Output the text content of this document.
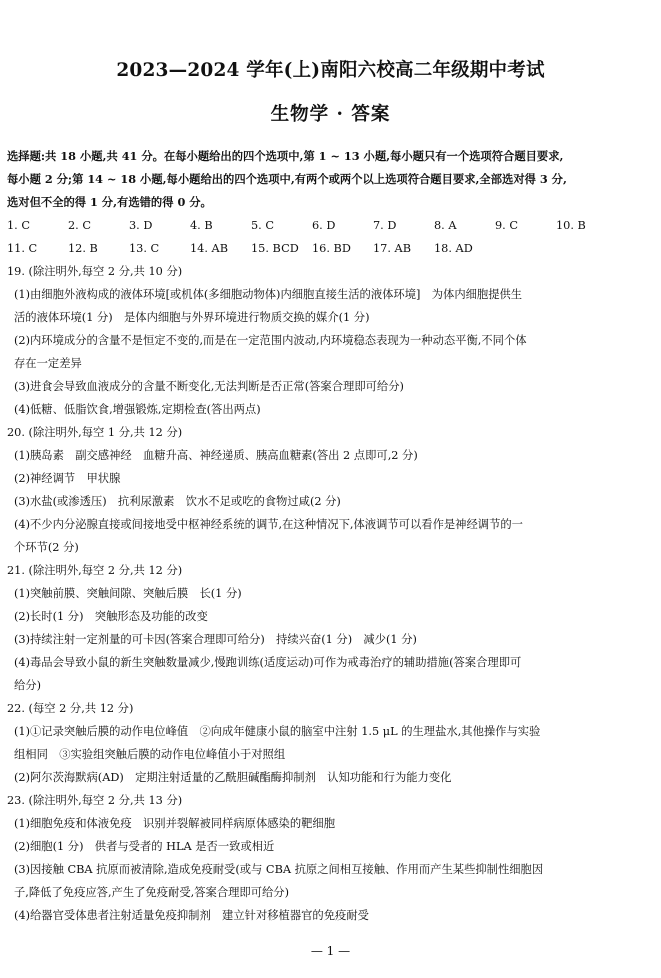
2023—2024 学年(上)南阳六校高二年级期中考试
生物学 · 答案
选择题:共 18 小题,共 41 分。在每小题给出的四个选项中,第 1 ~ 13 小题,每小题只有一个选项符合题目要求,
每小题 2 分;第 14 ~ 18 小题,每小题给出的四个选项中,有两个或两个以上选项符合题目要求,全部选对得 3 分,
选对但不全的得 1 分,有选错的得 0 分。
1. C	2. C	3. D	4. B	5. C	6. D	7. D	8. A	9. C	10. B
11. C	12. B	13. C	14. AB	15. BCD	16. BD	17. AB	18. AD
19. (除注明外,每空 2 分,共 10 分)
(1)由细胞外液构成的液体环境[或机体(多细胞动物体)内细胞直接生活的液体环境]　为体内细胞提供生
活的液体环境(1 分)　是体内细胞与外界环境进行物质交换的媒介(1 分)
(2)内环境成分的含量不是恒定不变的,而是在一定范围内波动,内环境稳态表现为一种动态平衡,不同个体
存在一定差异
(3)进食会导致血液成分的含量不断变化,无法判断是否正常(答案合理即可给分)
(4)低糖、低脂饮食,增强锻炼,定期检查(答出两点)
20. (除注明外,每空 1 分,共 12 分)
(1)胰岛素　副交感神经　血糖升高、神经递质、胰高血糖素(答出 2 点即可,2 分)
(2)神经调节　甲状腺
(3)水盐(或渗透压)　抗利尿激素　饮水不足或吃的食物过咸(2 分)
(4)不少内分泌腺直接或间接地受中枢神经系统的调节,在这种情况下,体液调节可以看作是神经调节的一
个环节(2 分)
21. (除注明外,每空 2 分,共 12 分)
(1)突触前膜、突触间隙、突触后膜　长(1 分)
(2)长时(1 分)　突触形态及功能的改变
(3)持续注射一定剂量的可卡因(答案合理即可给分)　持续兴奋(1 分)　减少(1 分)
(4)毒品会导致小鼠的新生突触数量减少,慢跑训练(适度运动)可作为戒毒治疗的辅助措施(答案合理即可
给分)
22. (每空 2 分,共 12 分)
(1)①记录突触后膜的动作电位峰值　②向成年健康小鼠的脑室中注射 1.5 μL 的生理盐水,其他操作与实验
组相同　③实验组突触后膜的动作电位峰值小于对照组
(2)阿尔茨海默病(AD)　定期注射适量的乙酰胆碱酯酶抑制剂　认知功能和行为能力变化
23. (除注明外,每空 2 分,共 13 分)
(1)细胞免疫和体液免疫　识别并裂解被同样病原体感染的靶细胞
(2)细胞(1 分)　供者与受者的 HLA 是否一致或相近
(3)因接触 CBA 抗原而被清除,造成免疫耐受(或与 CBA 抗原之间相互接触、作用而产生某些抑制性细胞因
子,降低了免疫应答,产生了免疫耐受,答案合理即可给分)
(4)给器官受体患者注射适量免疫抑制剂　建立针对移植器官的免疫耐受
— 1 —
